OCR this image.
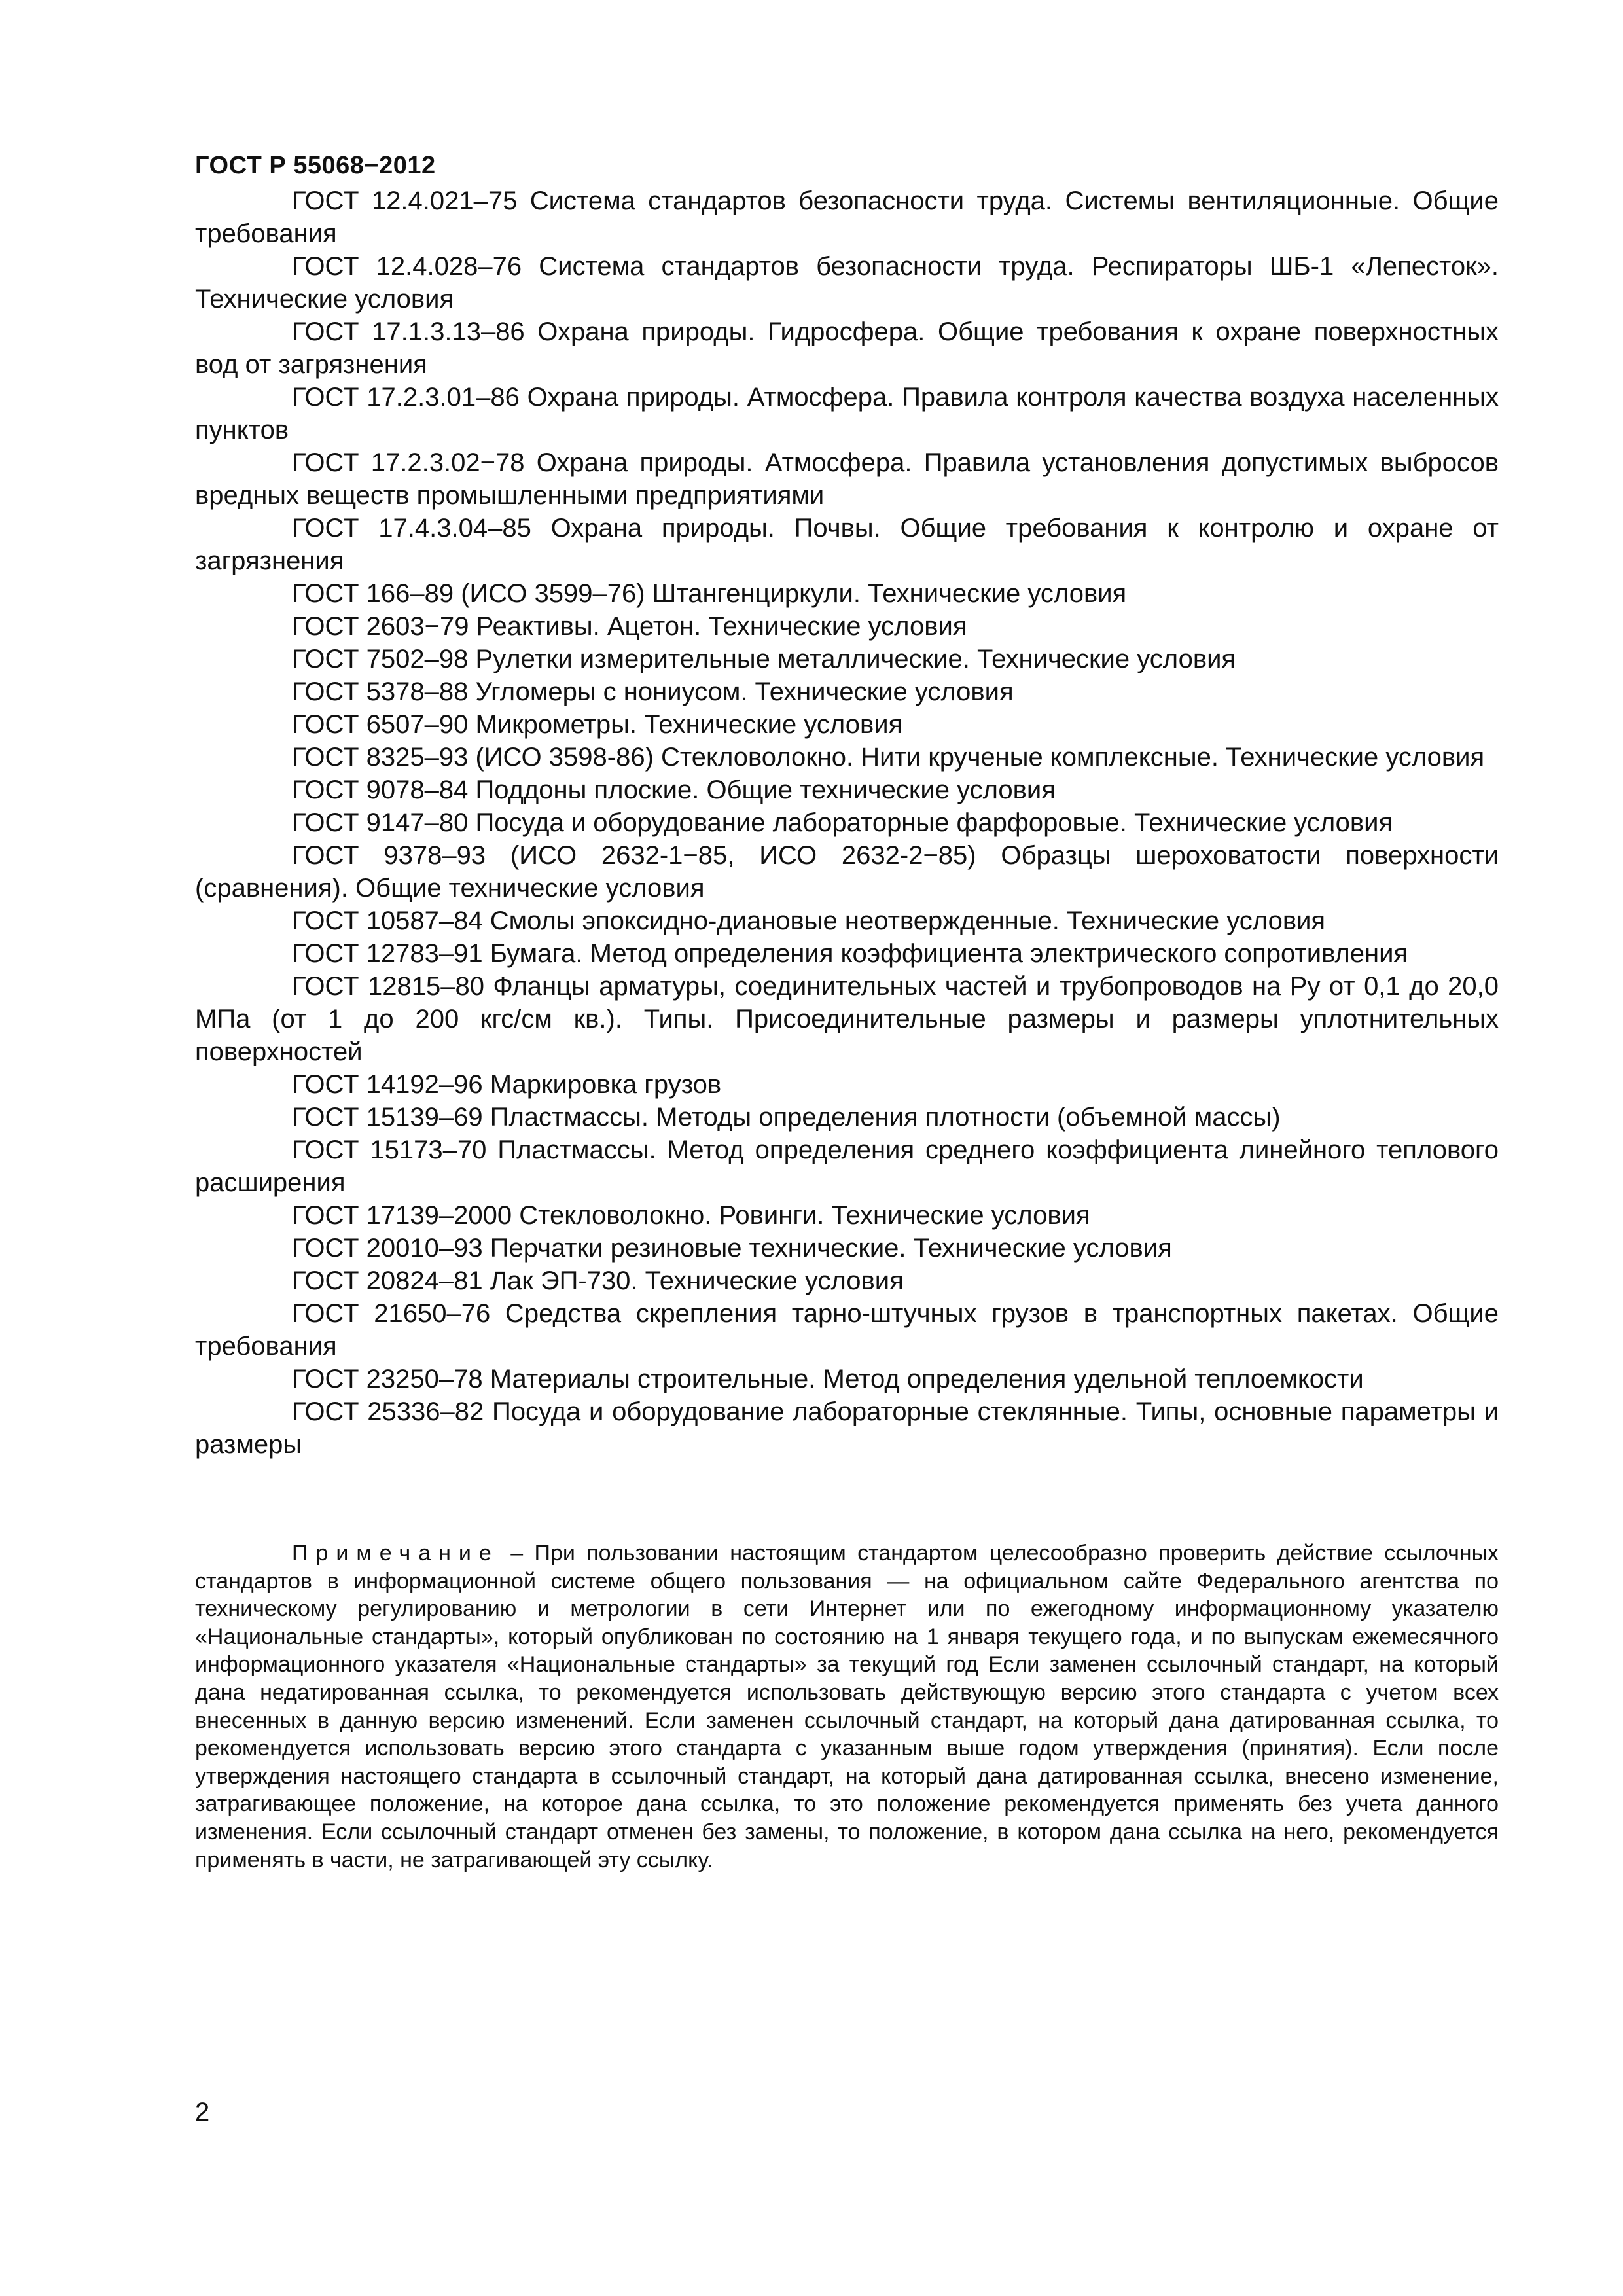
ГОСТ Р 55068−2012

ГОСТ 12.4.021–75 Система стандартов безопасности труда. Системы вентиляционные. Общие требования

ГОСТ 12.4.028–76 Система стандартов безопасности труда. Респираторы ШБ-1 «Лепесток». Технические условия

ГОСТ 17.1.3.13–86 Охрана природы. Гидросфера. Общие требования к охране поверхностных вод от загрязнения

ГОСТ 17.2.3.01–86 Охрана природы. Атмосфера. Правила контроля качества воздуха населенных пунктов

ГОСТ 17.2.3.02−78 Охрана природы. Атмосфера. Правила установления допустимых выбросов вредных веществ промышленными предприятиями

ГОСТ 17.4.3.04–85 Охрана природы. Почвы. Общие требования к контролю и охране от загрязнения

ГОСТ 166–89 (ИСО 3599–76) Штангенциркули. Технические условия

ГОСТ 2603−79 Реактивы. Ацетон. Технические условия

ГОСТ 7502–98 Рулетки измерительные металлические. Технические условия

ГОСТ 5378–88 Угломеры с нониусом. Технические условия

ГОСТ 6507–90 Микрометры. Технические условия

ГОСТ 8325–93 (ИСО 3598-86) Стекловолокно. Нити крученые комплексные. Технические условия

ГОСТ 9078–84 Поддоны плоские. Общие технические условия

ГОСТ 9147–80 Посуда и оборудование лабораторные фарфоровые. Технические условия

ГОСТ 9378–93 (ИСО 2632-1−85, ИСО 2632-2−85) Образцы шероховатости поверхности (сравнения). Общие технические условия

ГОСТ 10587–84 Смолы эпоксидно-диановые неотвержденные. Технические условия

ГОСТ 12783–91 Бумага. Метод определения коэффициента электрического сопротивления

ГОСТ 12815–80 Фланцы арматуры, соединительных частей и трубопроводов на Ру от 0,1 до 20,0 МПа (от 1 до 200 кгс/см кв.). Типы. Присоединительные размеры и размеры уплотнительных поверхностей

ГОСТ 14192–96 Маркировка грузов

ГОСТ 15139–69 Пластмассы. Методы определения плотности (объемной массы)

ГОСТ 15173–70 Пластмассы. Метод определения среднего коэффициента линейного теплового расширения

ГОСТ 17139–2000 Стекловолокно. Ровинги. Технические условия

ГОСТ 20010–93 Перчатки резиновые технические. Технические условия

ГОСТ 20824–81 Лак ЭП-730. Технические условия

ГОСТ 21650–76 Средства скрепления тарно-штучных грузов в транспортных пакетах. Общие требования

ГОСТ 23250–78 Материалы строительные. Метод определения удельной теплоемкости

ГОСТ 25336–82 Посуда и оборудование лабораторные стеклянные. Типы, основные параметры и размеры

Примечание – При пользовании настоящим стандартом целесообразно проверить действие ссылочных стандартов в информационной системе общего пользования — на официальном сайте Федерального агентства по техническому регулированию и метрологии в сети Интернет или по ежегодному информационному указателю «Национальные стандарты», который опубликован по состоянию на 1 января текущего года, и по выпускам ежемесячного информационного указателя «Национальные стандарты» за текущий год Если заменен ссылочный стандарт, на который дана недатированная ссылка, то рекомендуется использовать действующую версию этого стандарта с учетом всех внесенных в данную версию изменений. Если заменен ссылочный стандарт, на который дана датированная ссылка, то рекомендуется использовать версию этого стандарта с указанным выше годом утверждения (принятия). Если после утверждения настоящего стандарта в ссылочный стандарт, на который дана датированная ссылка, внесено изменение, затрагивающее положение, на которое дана ссылка, то это положение рекомендуется применять без учета данного изменения. Если ссылочный стандарт отменен без замены, то положение, в котором дана ссылка на него, рекомендуется применять в части, не затрагивающей эту ссылку.

2
